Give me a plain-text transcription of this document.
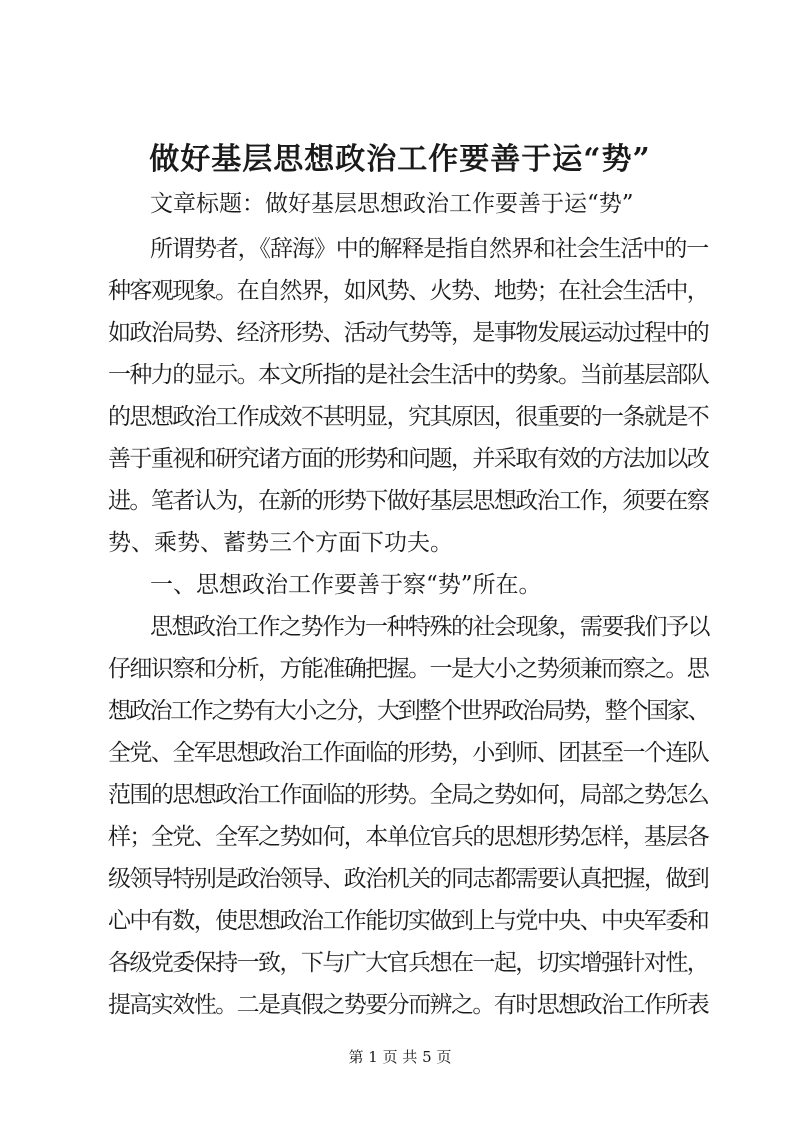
做好基层思想政治工作要善于运“势”
文章标题：做好基层思想政治工作要善于运“势”
所谓势者，《辞海》中的解释是指自然界和社会生活中的一
种客观现象。在自然界，如风势、火势、地势；在社会生活中，
如政治局势、经济形势、活动气势等，是事物发展运动过程中的
一种力的显示。本文所指的是社会生活中的势象。当前基层部队
的思想政治工作成效不甚明显，究其原因，很重要的一条就是不
善于重视和研究诸方面的形势和问题，并采取有效的方法加以改
进。笔者认为，在新的形势下做好基层思想政治工作，须要在察
势、乘势、蓄势三个方面下功夫。
一、思想政治工作要善于察“势”所在。
思想政治工作之势作为一种特殊的社会现象，需要我们予以
仔细识察和分析，方能准确把握。一是大小之势须兼而察之。思
想政治工作之势有大小之分，大到整个世界政治局势，整个国家、
全党、全军思想政治工作面临的形势，小到师、团甚至一个连队
范围的思想政治工作面临的形势。全局之势如何，局部之势怎么
样；全党、全军之势如何，本单位官兵的思想形势怎样，基层各
级领导特别是政治领导、政治机关的同志都需要认真把握，做到
心中有数，使思想政治工作能切实做到上与党中央、中央军委和
各级党委保持一致，下与广大官兵想在一起，切实增强针对性，
提高实效性。二是真假之势要分而辨之。有时思想政治工作所表
第 1 页 共 5 页
